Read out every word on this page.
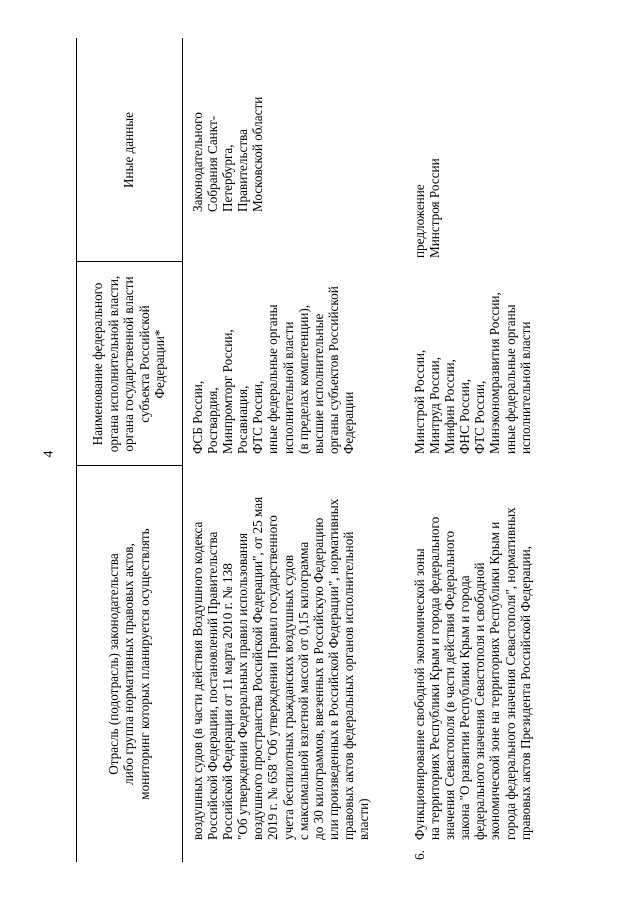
4
Отрасль (подотрасль) законодательства либо группа нормативных правовых актов, мониторинг которых планируется осуществлять
Наименование федерального органа исполнительной власти, органа государственной власти субъекта Российской Федерации*
Иные данные
воздушных судов (в части действия Воздушного кодекса Российской Федерации, постановлений Правительства Российской Федерации от 11 марта 2010 г. № 138 "Об утверждении Федеральных правил использования воздушного пространства Российской Федерации", от 25 мая 2019 г. № 658 "Об утверждении Правил государственного учета беспилотных гражданских воздушных судов с максимальной взлетной массой от 0,15 килограмма до 30 килограммов, ввезенных в Российскую Федерацию или произведенных в Российской Федерации", нормативных правовых актов федеральных органов исполнительной власти)
ФСБ России, Росгвардия, Минпромторг России, Росавиация, ФТС России, иные федеральные органы исполнительной власти (в пределах компетенции), высшие исполнительные органы субъектов Российской Федерации
Законодательного Собрания Санкт- Петербурга, Правительства Московской области
6.
Функционирование свободной экономической зоны на территориях Республики Крым и города федерального значения Севастополя (в части действия Федерального закона "О развитии Республики Крым и города федерального значения Севастополя и свободной экономической зоне на территориях Республики Крым и города федерального значения Севастополя", нормативных правовых актов Президента Российской Федерации,
Минстрой России, Минтруд России, Минфин России, ФНС России, ФТС России, Минэкономразвития России, иные федеральные органы исполнительной власти
предложение Минстроя России
